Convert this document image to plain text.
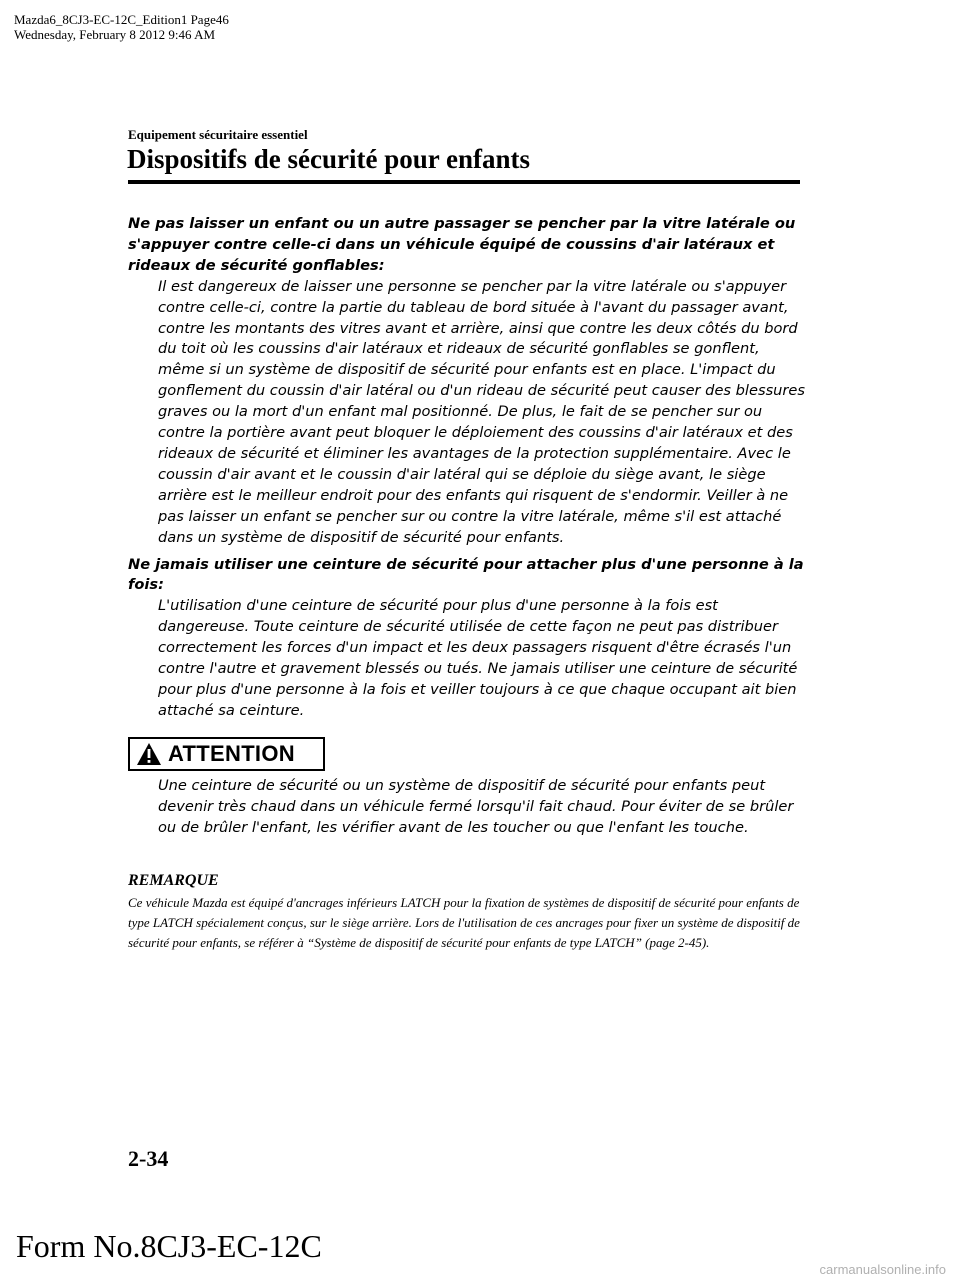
Mazda6_8CJ3-EC-12C_Edition1 Page46
Wednesday, February 8 2012 9:46 AM
Equipement sécuritaire essentiel
Dispositifs de sécurité pour enfants
Ne pas laisser un enfant ou un autre passager se pencher par la vitre latérale ou s'appuyer contre celle-ci dans un véhicule équipé de coussins d'air latéraux et rideaux de sécurité gonflables:
Il est dangereux de laisser une personne se pencher par la vitre latérale ou s'appuyer contre celle-ci, contre la partie du tableau de bord située à l'avant du passager avant, contre les montants des vitres avant et arrière, ainsi que contre les deux côtés du bord du toit où les coussins d'air latéraux et rideaux de sécurité gonflables se gonflent, même si un système de dispositif de sécurité pour enfants est en place. L'impact du gonflement du coussin d'air latéral ou d'un rideau de sécurité peut causer des blessures graves ou la mort d'un enfant mal positionné. De plus, le fait de se pencher sur ou contre la portière avant peut bloquer le déploiement des coussins d'air latéraux et des rideaux de sécurité et éliminer les avantages de la protection supplémentaire. Avec le coussin d'air avant et le coussin d'air latéral qui se déploie du siège avant, le siège arrière est le meilleur endroit pour des enfants qui risquent de s'endormir. Veiller à ne pas laisser un enfant se pencher sur ou contre la vitre latérale, même s'il est attaché dans un système de dispositif de sécurité pour enfants.
Ne jamais utiliser une ceinture de sécurité pour attacher plus d'une personne à la fois:
L'utilisation d'une ceinture de sécurité pour plus d'une personne à la fois est dangereuse. Toute ceinture de sécurité utilisée de cette façon ne peut pas distribuer correctement les forces d'un impact et les deux passagers risquent d'être écrasés l'un contre l'autre et gravement blessés ou tués. Ne jamais utiliser une ceinture de sécurité pour plus d'une personne à la fois et veiller toujours à ce que chaque occupant ait bien attaché sa ceinture.
ATTENTION
Une ceinture de sécurité ou un système de dispositif de sécurité pour enfants peut devenir très chaud dans un véhicule fermé lorsqu'il fait chaud. Pour éviter de se brûler ou de brûler l'enfant, les vérifier avant de les toucher ou que l'enfant les touche.
REMARQUE
Ce véhicule Mazda est équipé d'ancrages inférieurs LATCH pour la fixation de systèmes de dispositif de sécurité pour enfants de type LATCH spécialement conçus, sur le siège arrière. Lors de l'utilisation de ces ancrages pour fixer un système de dispositif de sécurité pour enfants, se référer à “Système de dispositif de sécurité pour enfants de type LATCH” (page 2-45).
2-34
Form No.8CJ3-EC-12C
carmanualsonline.info
